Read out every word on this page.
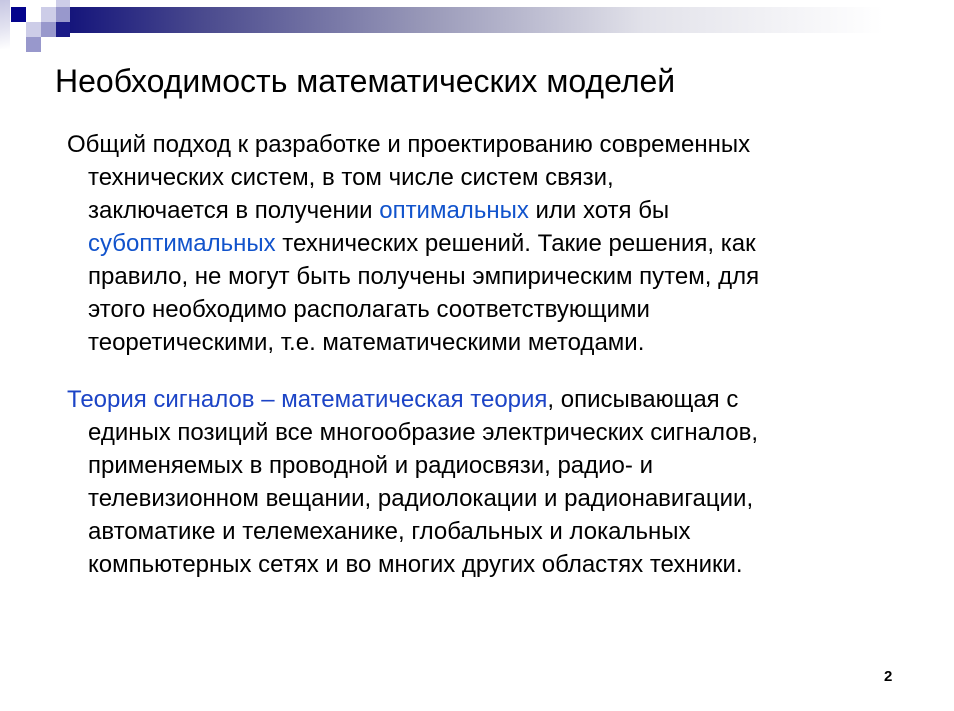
Необходимость математических моделей
Общий подход к разработке и проектированию современных
технических систем, в том числе систем связи,
заключается в получении оптимальных или хотя бы
субоптимальных технических решений. Такие решения, как
правило, не могут быть получены эмпирическим путем, для
этого необходимо располагать соответствующими
теоретическими, т.е. математическими методами.
Теория сигналов – математическая теория, описывающая с
единых позиций все многообразие электрических сигналов,
применяемых в проводной и радиосвязи, радио- и
телевизионном вещании, радиолокации и радионавигации,
автоматике и телемеханике, глобальных и локальных
компьютерных сетях и во многих других областях техники.
2
